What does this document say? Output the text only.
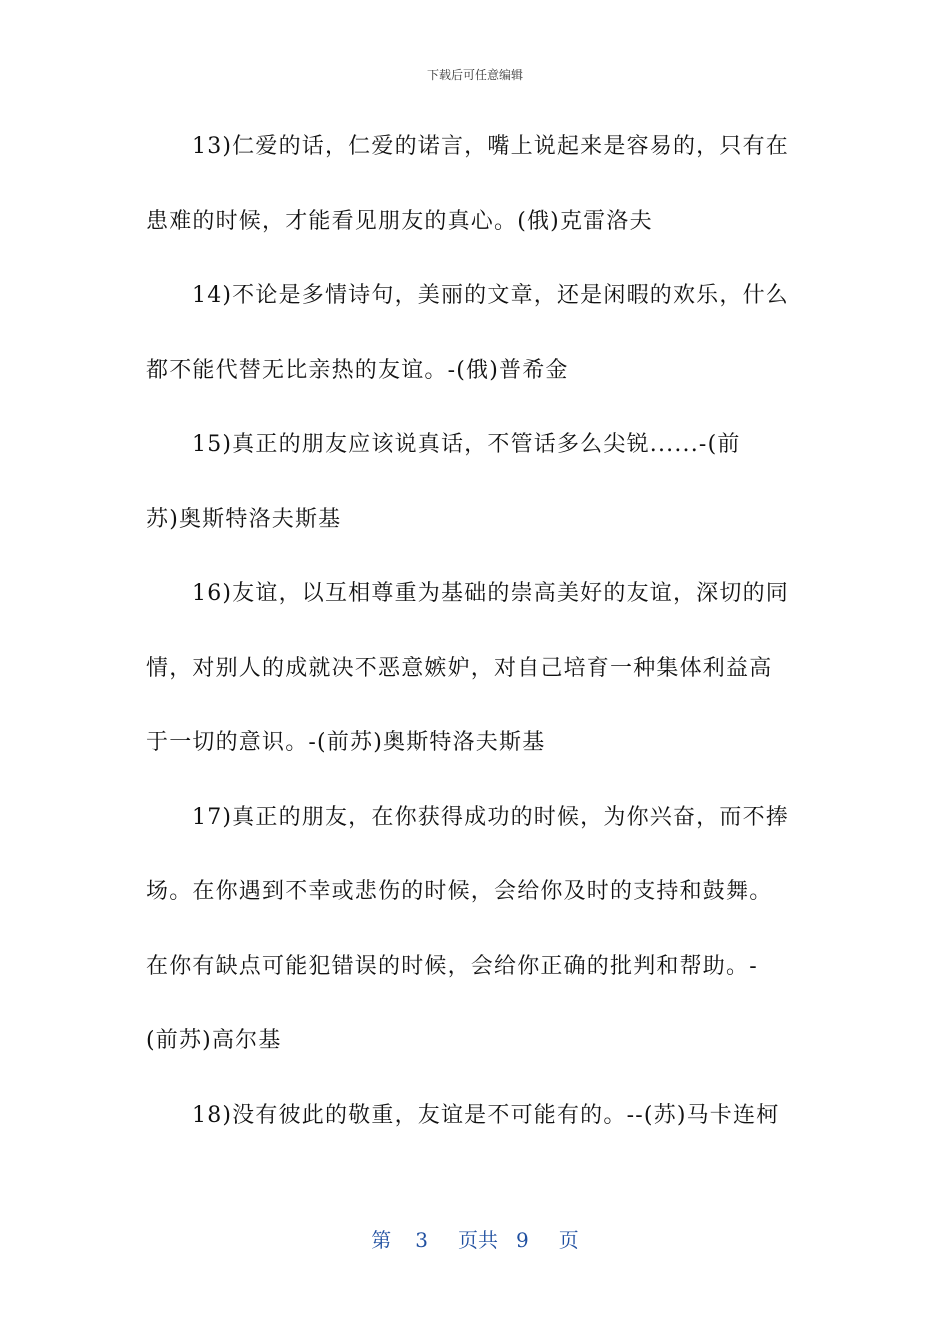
下载后可任意编辑

13)仁爱的话，仁爱的诺言，嘴上说起来是容易的，只有在
患难的时候，才能看见朋友的真心。(俄)克雷洛夫

14)不论是多情诗句，美丽的文章，还是闲暇的欢乐，什么
都不能代替无比亲热的友谊。-(俄)普希金

15)真正的朋友应该说真话，不管话多么尖锐......-(前
苏)奥斯特洛夫斯基

16)友谊，以互相尊重为基础的崇高美好的友谊，深切的同
情，对别人的成就决不恶意嫉妒，对自己培育一种集体利益高
于一切的意识。-(前苏)奥斯特洛夫斯基

17)真正的朋友，在你获得成功的时候，为你兴奋，而不捧
场。在你遇到不幸或悲伤的时候，会给你及时的支持和鼓舞。
在你有缺点可能犯错误的时候，会给你正确的批判和帮助。-
(前苏)高尔基

18)没有彼此的敬重，友谊是不可能有的。--(苏)马卡连柯

第 3 页共 9 页
